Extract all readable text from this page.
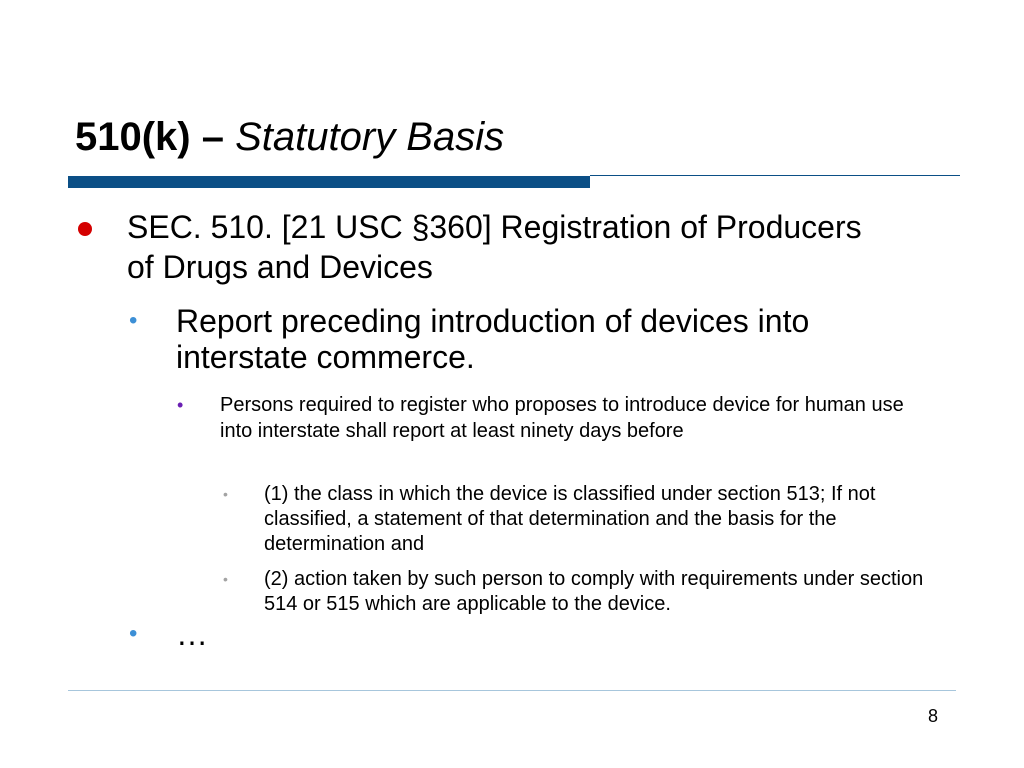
510(k) – Statutory Basis
SEC. 510. [21 USC §360] Registration of Producers of Drugs and Devices
• Report preceding introduction of devices into interstate commerce.
• Persons required to register who proposes to introduce device for human use into interstate shall report at least ninety days before
• (1) the class in which the device is classified under section 513; If not classified, a statement of that determination and the basis for the determination and
• (2) action taken by such person to comply with requirements under section 514 or 515 which are applicable to the device.
• …
8
